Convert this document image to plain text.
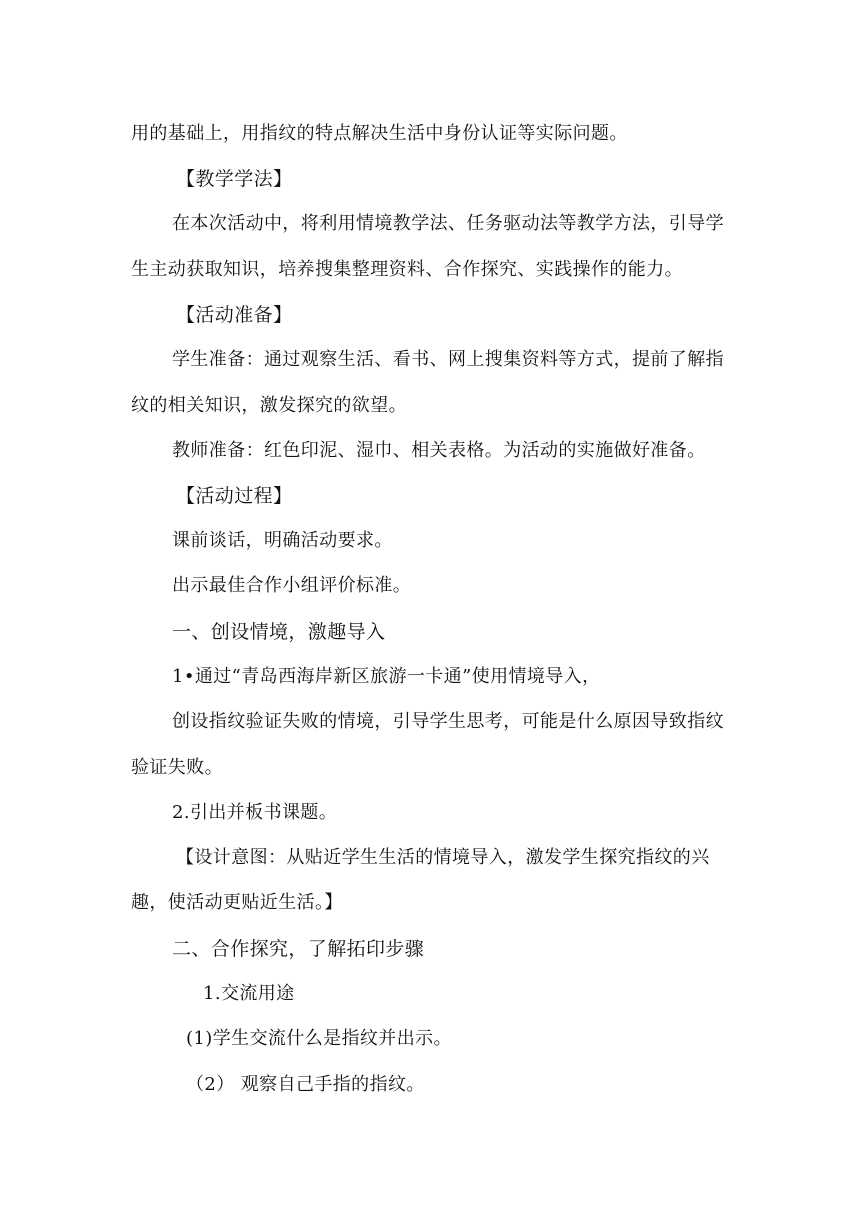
用的基础上，用指纹的特点解决生活中身份认证等实际问题。
【教学学法】
在本次活动中，将利用情境教学法、任务驱动法等教学方法，引导学
生主动获取知识，培养搜集整理资料、合作探究、实践操作的能力。
【活动准备】
学生准备：通过观察生活、看书、网上搜集资料等方式，提前了解指
纹的相关知识，激发探究的欲望。
教师准备：红色印泥、湿巾、相关表格。为活动的实施做好准备。
【活动过程】
课前谈话，明确活动要求。
出示最佳合作小组评价标准。
一、创设情境，激趣导入
1•通过“青岛西海岸新区旅游一卡通”使用情境导入，
创设指纹验证失败的情境，引导学生思考，可能是什么原因导致指纹
验证失败。
2.引出并板书课题。
【设计意图：从贴近学生生活的情境导入，激发学生探究指纹的兴
趣，使活动更贴近生活。】
二、合作探究，了解拓印步骤
1.交流用途
(1)学生交流什么是指纹并出示。
（2） 观察自己手指的指纹。
